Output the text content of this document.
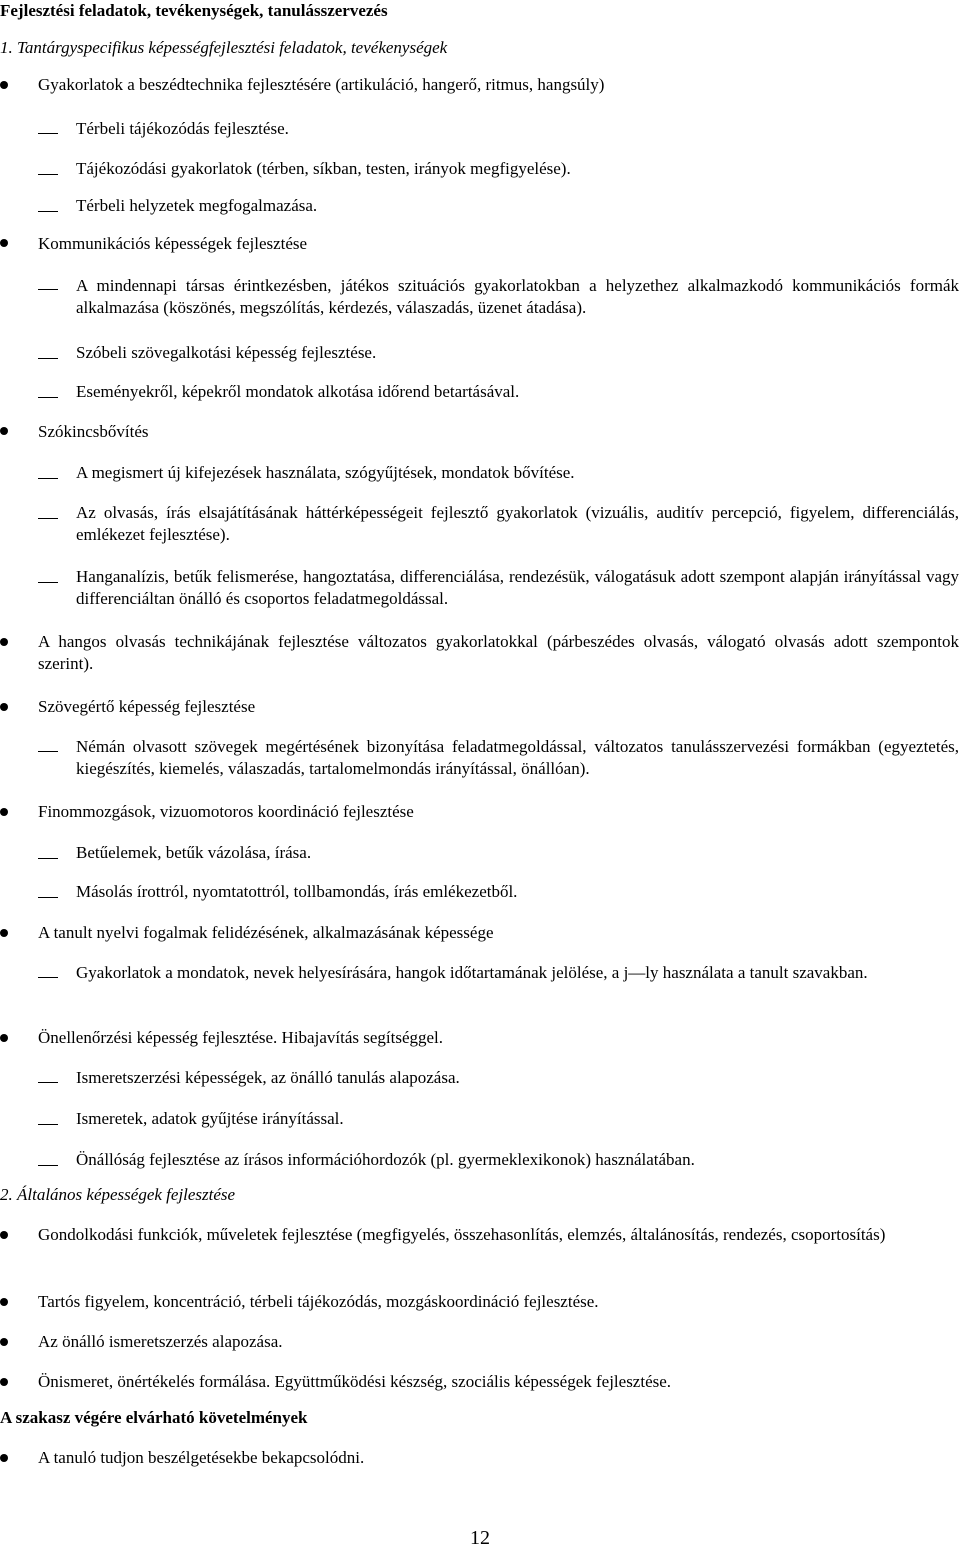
Fejlesztési feladatok, tevékenységek, tanulásszervezés
1. Tantárgyspecifikus képességfejlesztési feladatok, tevékenységek
Gyakorlatok a beszédtechnika fejlesztésére (artikuláció, hangerő, ritmus, hangsúly)
Térbeli tájékozódás fejlesztése.
Tájékozódási gyakorlatok (térben, síkban, testen, irányok megfigyelése).
Térbeli helyzetek megfogalmazása.
Kommunikációs képességek fejlesztése
A mindennapi társas érintkezésben, játékos szituációs gyakorlatokban a helyzethez alkalmazkodó kommunikációs formák alkalmazása (köszönés, megszólítás, kérdezés, válaszadás, üzenet átadása).
Szóbeli szövegalkotási képesség fejlesztése.
Eseményekről, képekről mondatok alkotása időrend betartásával.
Szókincsbővítés
A megismert új kifejezések használata, szógyűjtések, mondatok bővítése.
Az olvasás, írás elsajátításának háttérképességeit fejlesztő gyakorlatok (vizuális, auditív percepció, figyelem, differenciálás, emlékezet fejlesztése).
Hanganalízis, betűk felismerése, hangoztatása, differenciálása, rendezésük, válogatásuk adott szempont alapján irányítással vagy differenciáltan önálló és csoportos feladatmegoldással.
A hangos olvasás technikájának fejlesztése változatos gyakorlatokkal (párbeszédes olvasás, válogató olvasás adott szempontok szerint).
Szövegértő képesség fejlesztése
Némán olvasott szövegek megértésének bizonyítása feladatmegoldással, változatos tanulásszervezési formákban (egyeztetés, kiegészítés, kiemelés, válaszadás, tartalomelmondás irányítással, önállóan).
Finommozgások, vizuomotoros koordináció fejlesztése
Betűelemek, betűk vázolása, írása.
Másolás írottról, nyomtatottról, tollbamondás, írás emlékezetből.
A tanult nyelvi fogalmak felidézésének, alkalmazásának képessége
Gyakorlatok a mondatok, nevek helyesírására, hangok időtartamának jelölése, a j—ly használata a tanult szavakban.
Önellenőrzési képesség fejlesztése. Hibajavítás segítséggel.
Ismeretszerzési képességek, az önálló tanulás alapozása.
Ismeretek, adatok gyűjtése irányítással.
Önállóság fejlesztése az írásos információhordozók (pl. gyermeklexikonok) használatában.
2. Általános képességek fejlesztése
Gondolkodási funkciók, műveletek fejlesztése (megfigyelés, összehasonlítás, elemzés, általánosítás, rendezés, csoportosítás)
Tartós figyelem, koncentráció, térbeli tájékozódás, mozgáskoordináció fejlesztése.
Az önálló ismeretszerzés alapozása.
Önismeret, önértékelés formálása. Együttműködési készség, szociális képességek fejlesztése.
A szakasz végére elvárható követelmények
A tanuló tudjon beszélgetésekbe bekapcsolódni.
12
